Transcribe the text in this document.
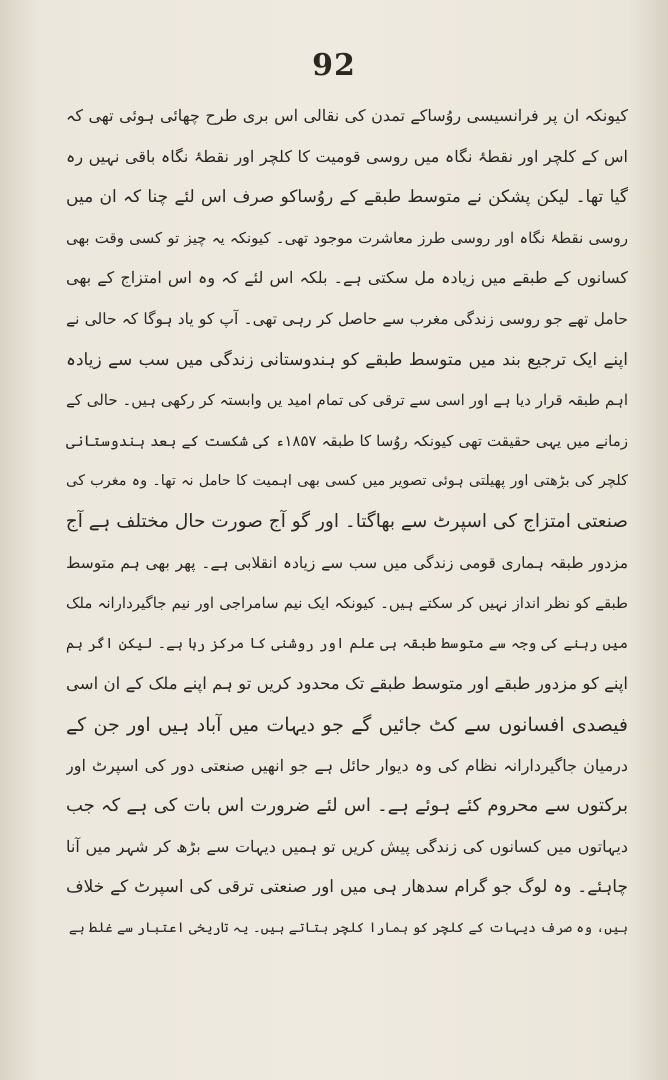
92
کیونکہ ان پر فرانسیسی روُساکے تمدن کی نقالی اس بری طرح چھائی ہوئی تھی کہ
اس کے کلچر اور نقطۂ نگاہ میں روسی قومیت کا کلچر اور نقطۂ نگاہ باقی نہیں رہ
گیا تھا۔ لیکن پشکن نے متوسط طبقے کے روُساکو صرف اس لئے چنا کہ ان میں
روسی نقطۂ نگاہ اور روسی طرز معاشرت موجود تھی۔ کیونکہ یہ چیز تو کسی وقت بھی
کسانوں کے طبقے میں زیادہ مل سکتی ہے۔ بلکہ اس لئے کہ وہ اس امتزاج کے بھی
حامل تھے جو روسی زندگی مغرب سے حاصل کر رہی تھی۔ آپ کو یاد ہوگا کہ حالی نے
اپنے ایک ترجیع بند میں متوسط طبقے کو ہندوستانی زندگی میں سب سے زیادہ
اہم طبقہ قرار دیا ہے اور اسی سے ترقی کی تمام امید یں وابستہ کر رکھی ہیں۔ حالی کے
زمانے میں یہی حقیقت تھی کیونکہ روُسا کا طبقہ ۱۸۵۷ء کی شکست کے بعد ہندوستانی
کلچر کی بڑھتی اور پھیلتی ہوئی تصویر میں کسی بھی اہمیت کا حامل نہ تھا۔ وہ مغرب کی
صنعتی امتزاج کی اسپرٹ سے بھاگتا۔ اور گو آج صورت حال مختلف ہے آج
مزدور طبقہ ہماری قومی زندگی میں سب سے زیادہ انقلابی ہے۔ پھر بھی ہم متوسط
طبقے کو نظر انداز نہیں کر سکتے ہیں۔ کیونکہ ایک نیم سامراجی اور نیم جاگیردارانہ ملک
میں رہنے کی وجہ سے متوسط طبقہ ہی علم اور روشنی کا مرکز رہا ہے۔ لیکن اگر ہم
اپنے کو مزدور طبقے اور متوسط طبقے تک محدود کریں تو ہم اپنے ملک کے ان اسی
فیصدی افسانوں سے کٹ جائیں گے جو دیہات میں آباد ہیں اور جن کے
درمیان جاگیردارانہ نظام کی وہ دیوار حائل ہے جو انھیں صنعتی دور کی اسپرٹ اور
برکتوں سے محروم کئے ہوئے ہے۔ اس لئے ضرورت اس بات کی ہے کہ جب
دیہاتوں میں کسانوں کی زندگی پیش کریں تو ہمیں دیہات سے بڑھ کر شہر میں آنا
چاہئے۔ وہ لوگ جو گرام سدھار ہی میں اور صنعتی ترقی کی اسپرٹ کے خلاف
ہیں، وہ صرف دیہات کے کلچر کو ہمارا کلچر بتاتے ہیں۔ یہ تاریخی اعتبار سے غلط ہے
